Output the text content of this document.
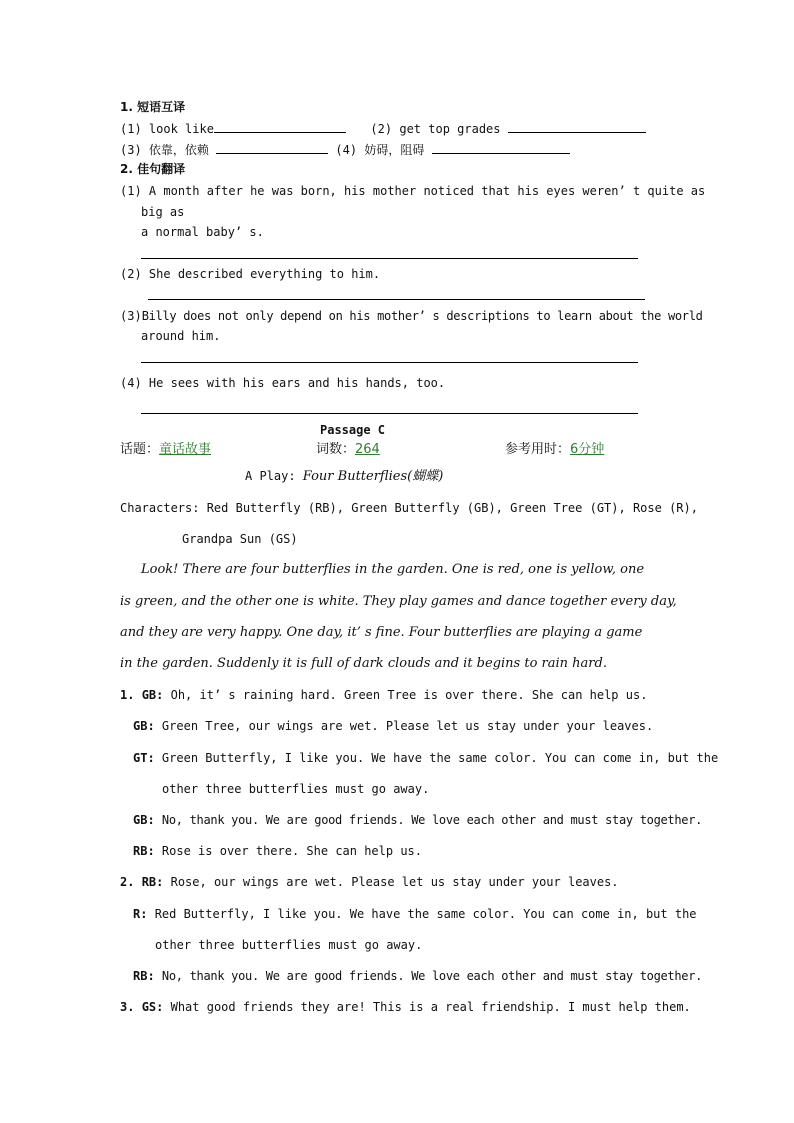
1. 短语互译
(1) look like	(2) get top grades
(3) 依靠，依赖	(4) 妨碍，阻碍
2. 佳句翻译
(1) A month after he was born, his mother noticed that his eyes weren’ t quite as
big as
a normal baby’ s.
(2) She described everything to him.
(3)Billy does not only depend on his mother’ s descriptions to learn about the world
around him.
(4) He sees with his ears and his hands, too.
Passage C
话题：童话故事	词数：264	参考用时：6分钟
A Play: Four Butterflies(蝴蝶)
Characters: Red Butterfly (RB), Green Butterfly (GB), Green Tree (GT), Rose (R),
Grandpa Sun (GS)
Look! There are four butterflies in the garden. One is red, one is yellow, one
is green, and the other one is white. They play games and dance together every day,
and they are very happy. One day, it’ s fine. Four butterflies are playing a game
in the garden. Suddenly it is full of dark clouds and it begins to rain hard.
1. GB: Oh, it’ s raining hard. Green Tree is over there. She can help us.
GB: Green Tree, our wings are wet. Please let us stay under your leaves.
GT: Green Butterfly, I like you. We have the same color. You can come in, but the
other three butterflies must go away.
GB: No, thank you. We are good friends. We love each other and must stay together.
RB: Rose is over there. She can help us.
2. RB: Rose, our wings are wet. Please let us stay under your leaves.
R: Red Butterfly, I like you. We have the same color. You can come in, but the
other three butterflies must go away.
RB: No, thank you. We are good friends. We love each other and must stay together.
3. GS: What good friends they are! This is a real friendship. I must help them.
